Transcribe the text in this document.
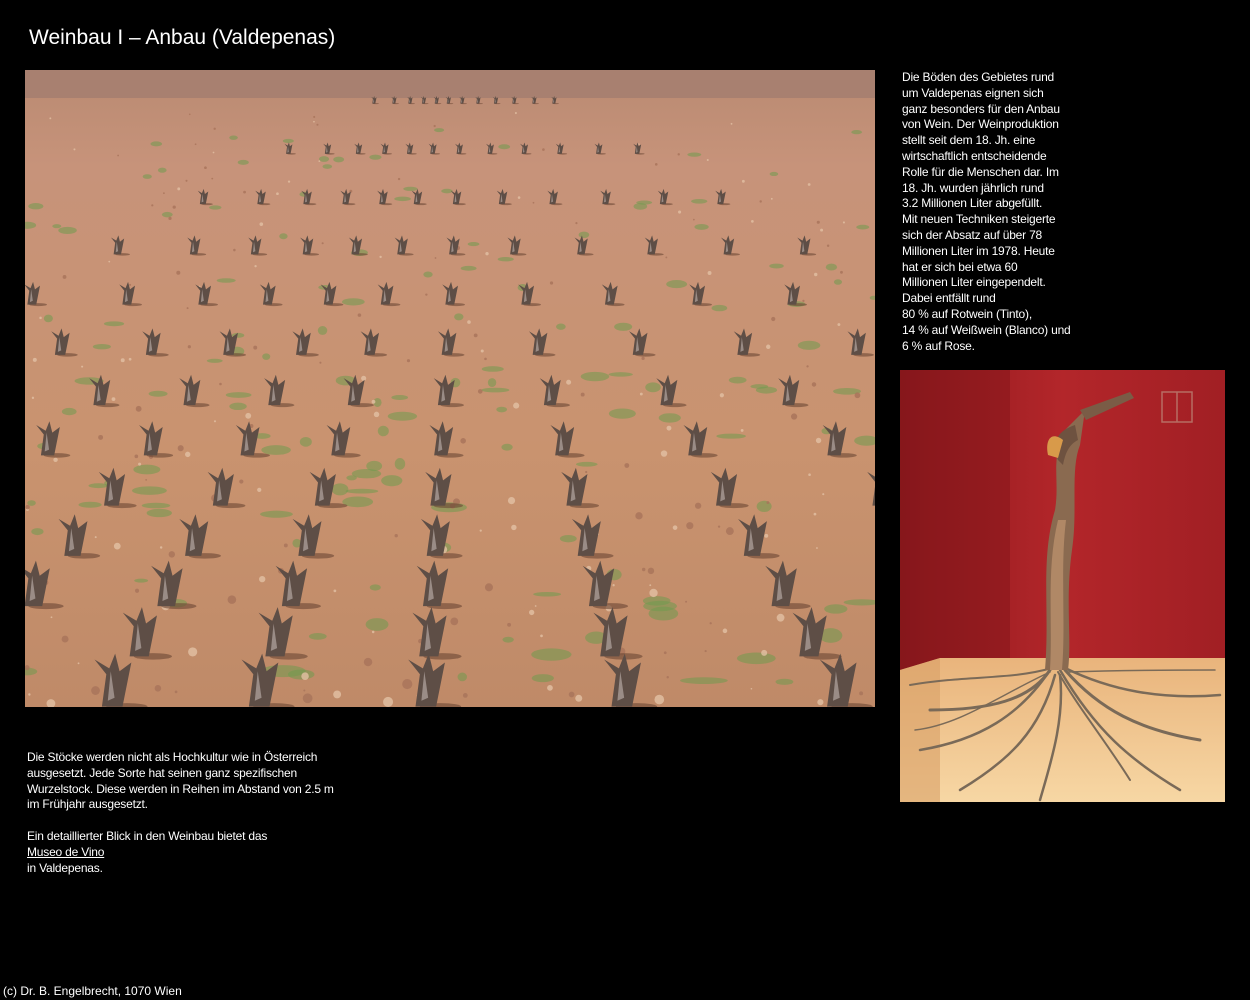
Weinbau I – Anbau (Valdepenas)
Die Böden des Gebietes rund
um Valdepenas eignen sich
ganz besonders für den Anbau
von Wein. Der Weinproduktion
stellt seit dem 18. Jh. eine
wirtschaftlich entscheidende
Rolle für die Menschen dar. Im
18. Jh. wurden jährlich rund
3.2 Millionen Liter abgefüllt.
Mit neuen Techniken steigerte
sich der Absatz auf über 78
Millionen Liter im 1978. Heute
hat er sich bei etwa 60
Millionen Liter eingependelt.
Dabei entfällt rund
80 % auf Rotwein (Tinto),
14 % auf Weißwein (Blanco) und
6 % auf Rose.
Die Stöcke werden nicht als Hochkultur wie in Österreich
ausgesetzt. Jede Sorte hat seinen ganz spezifischen
Wurzelstock. Diese werden in Reihen im Abstand von 2.5 m
im Frühjahr ausgesetzt.
Ein detaillierter Blick in den Weinbau bietet das
Museo de Vino
in Valdepenas.
(c) Dr. B. Engelbrecht, 1070 Wien
